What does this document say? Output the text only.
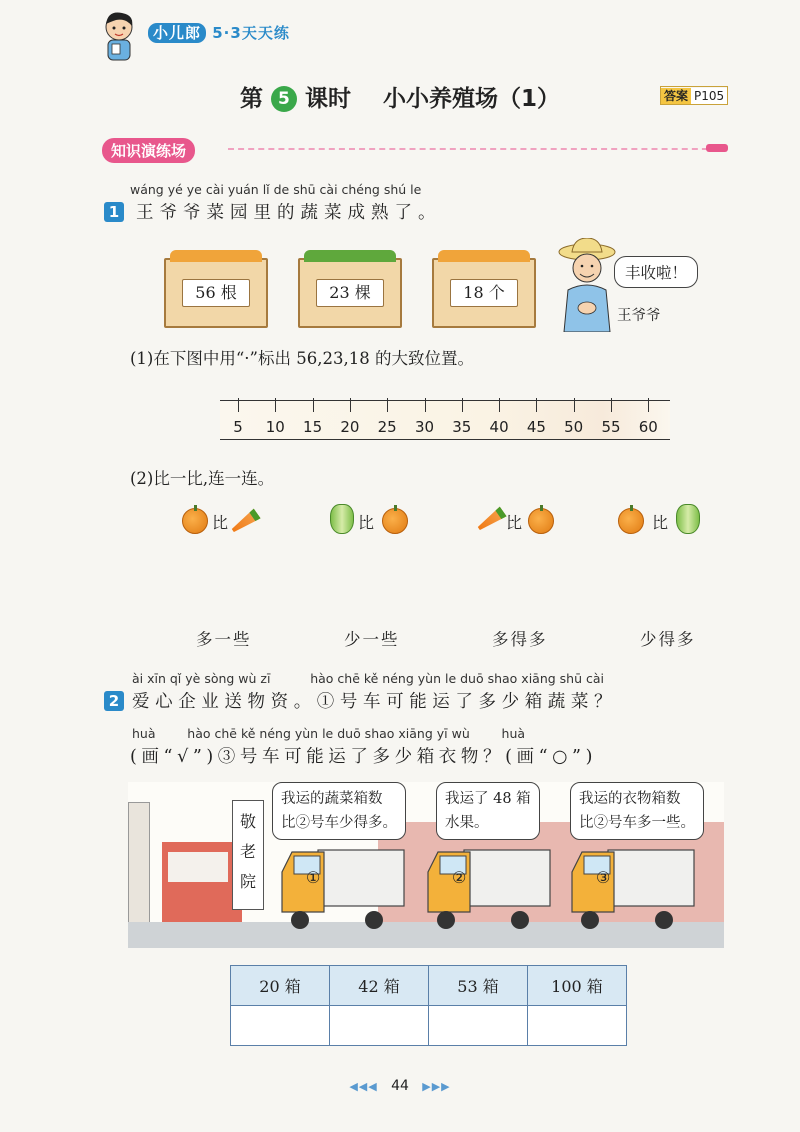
小儿郎 5·3天天练
第 5 课时 小小养殖场（1）	答案 P105
知识演练场
wáng yé ye cài yuán lǐ de shū cài chéng shú le
1 王爷爷菜园里的蔬菜成熟了。
56 根	23 棵	18 个
丰收啦！
王爷爷
(1)在下图中用“·”标出 56,23,18 的大致位置。
5	10	15	20	25	30	35	40	45	50	55	60
(2)比一比,连一连。
比	比	比	比
多一些	少一些	多得多	少得多
ài xīn qǐ yè sòng wù zī          hào chē kě néng yùn le duō shao xiāng shū cài
2 爱心企业送物资。①号车可能运了多少箱蔬菜？
huà        hào chē kě néng yùn le duō shao xiāng yī wù        huà
(画“√”)③号车可能运了多少箱衣物？(画“○”)
敬
老
院	①	②	③
我运的蔬菜箱数
比②号车少得多。
我运了 48 箱
水果。
我运的衣物箱数
比②号车多一些。
20 箱	42 箱	53 箱	100 箱

◀◀◀ 44 ▶▶▶
